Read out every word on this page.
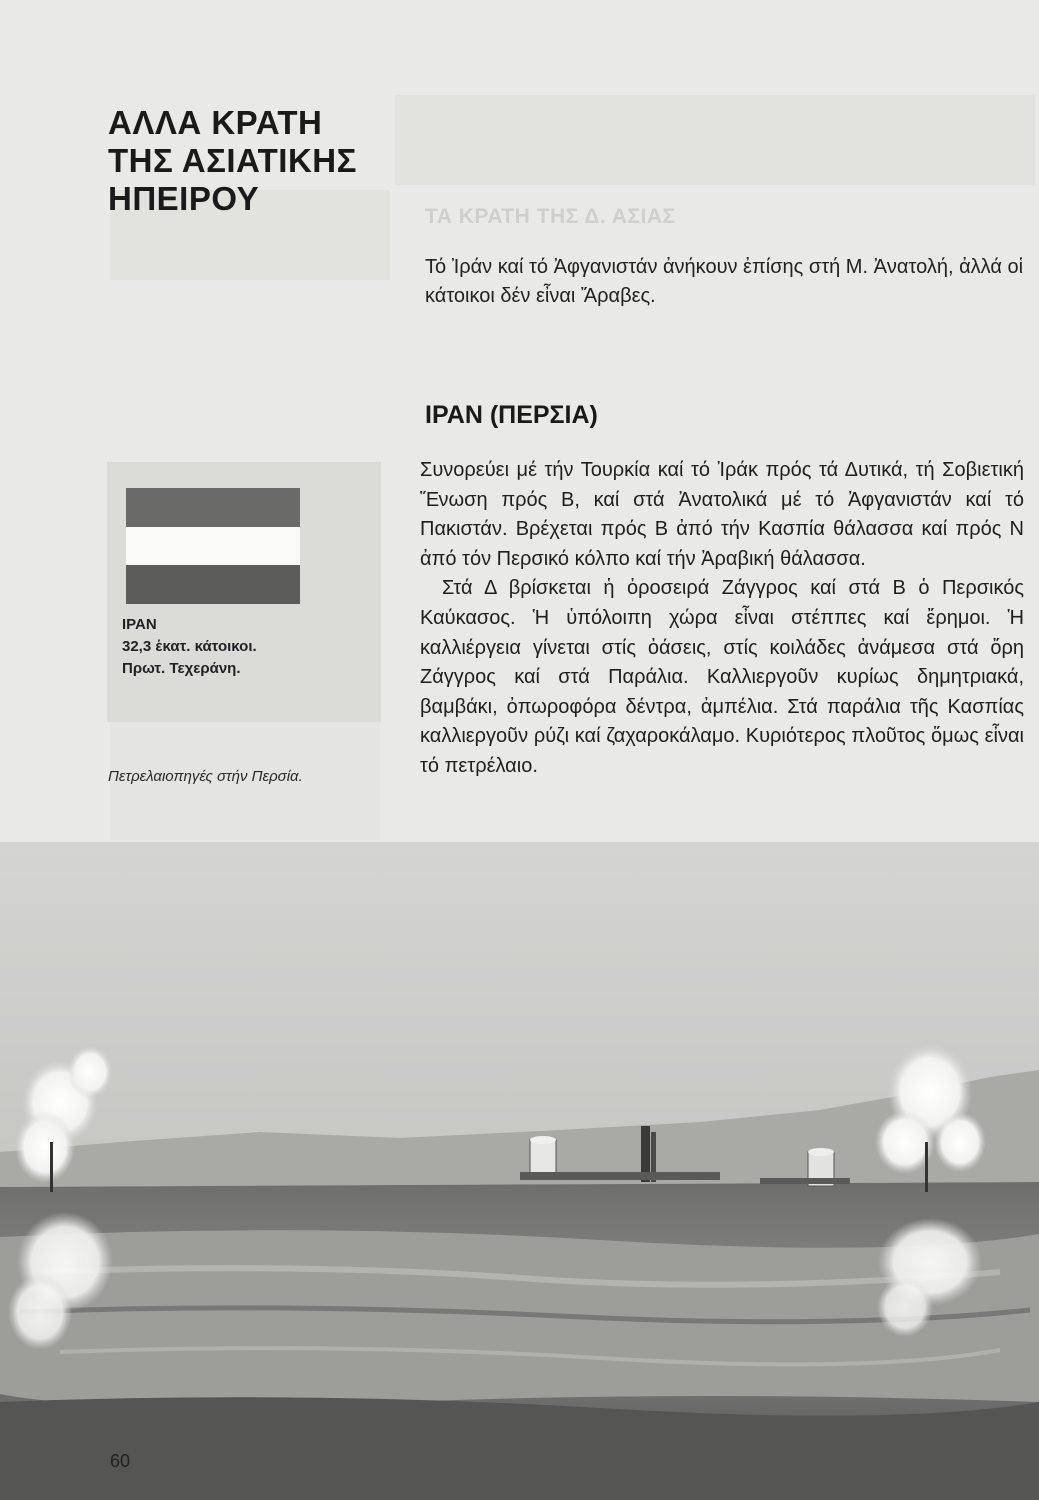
ΑΛΛΑ ΚΡΑΤΗ
ΤΗΣ ΑΣΙΑΤΙΚΗΣ
ΗΠΕΙΡΟΥ	ΤΑ ΚΡΑΤΗ ΤΗΣ Δ. ΑΣΙΑΣ

Τό Ἰράν καί τό Ἀφγανιστάν ἀνήκουν ἐπίσης στή Μ. Ἀνατολή, ἀλλά οἱ κάτοικοι δέν εἶναι Ἄραβες.

ΙΡΑΝ (ΠΕΡΣΙΑ)

Συνορεύει μέ τήν Τουρκία καί τό Ἰράκ πρός τά Δυτικά, τή Σοβιετική Ἕνωση πρός Β, καί στά Ἀνατολικά μέ τό Ἀφγανιστάν καί τό Πακιστάν. Βρέχεται πρός Β ἀπό τήν Κασπία θάλασσα καί πρός Ν ἀπό τόν Περσικό κόλπο καί τήν Ἀραβική θάλασσα.

Στά Δ βρίσκεται ἡ ὀροσειρά Ζάγγρος καί στά Β ὁ Περσικός Καύκασος. Ἡ ὑπόλοιπη χώρα εἶναι στέππες καί ἔρημοι. Ἡ καλλιέργεια γίνεται στίς ὀάσεις, στίς κοιλάδες ἀνάμεσα στά ὄρη Ζάγγρος καί στά Παράλια. Καλλιεργοῦν κυρίως δημητριακά, βαμβάκι, ὀπωροφόρα δέντρα, ἀμπέλια. Στά παράλια τῆς Κασπίας καλλιεργοῦν ρύζι καί ζαχαροκάλαμο. Κυριότερος πλοῦτος ὅμως εἶναι τό πετρέλαιο.

ΙΡΑΝ
32,3 ἑκατ. κάτοικοι.
Πρωτ. Τεχεράνη.
Πετρελαιοπηγές στήν Περσία.
60
